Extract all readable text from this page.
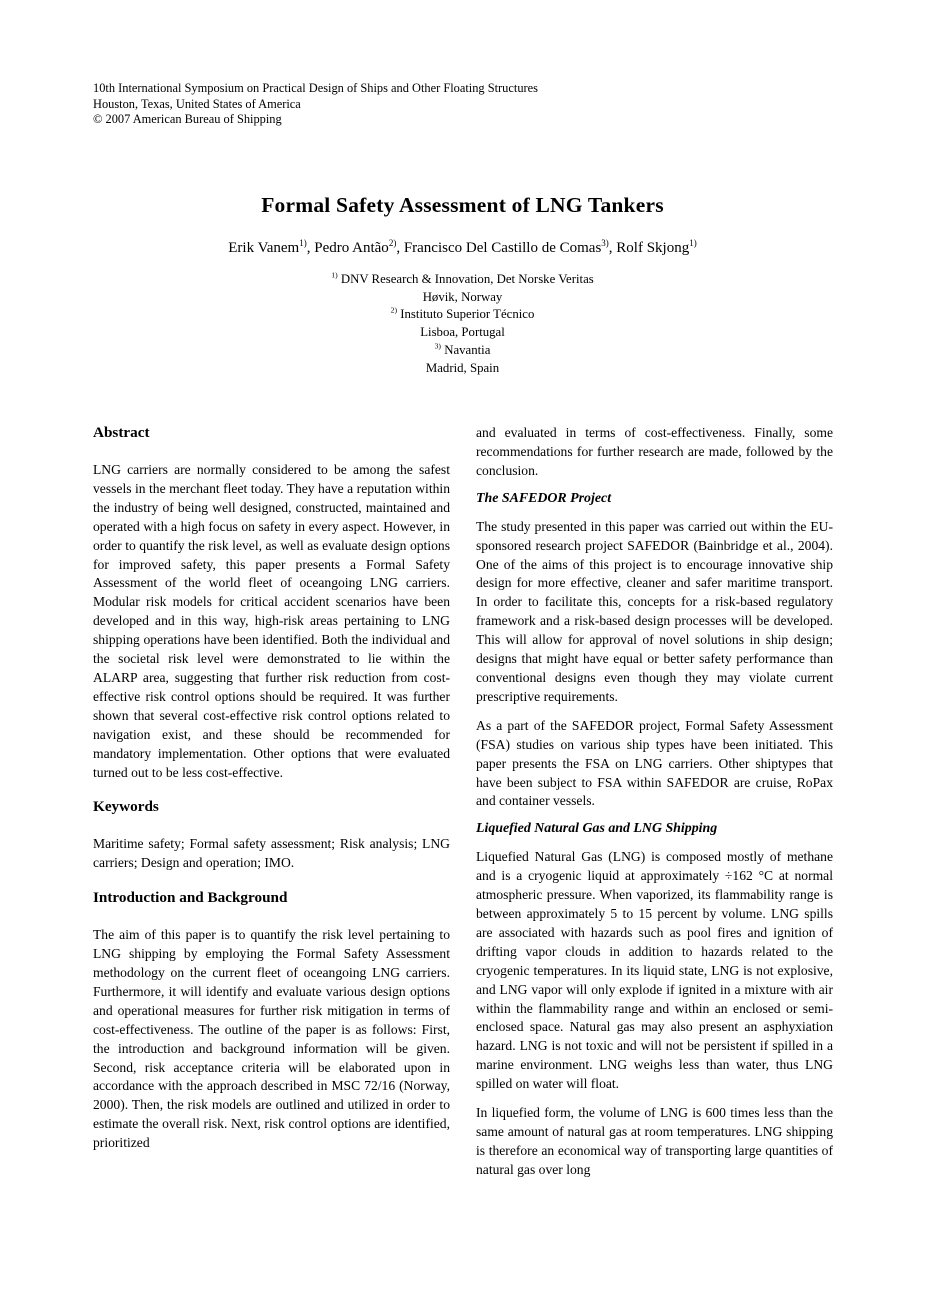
10th International Symposium on Practical Design of Ships and Other Floating Structures
Houston, Texas, United States of America
© 2007 American Bureau of Shipping
Formal Safety Assessment of LNG Tankers
Erik Vanem$^{1)}$, Pedro Antão$^{2)}$, Francisco Del Castillo de Comas$^{3)}$, Rolf Skjong$^{1)}$
$^{1)}$ DNV Research & Innovation, Det Norske Veritas
Høvik, Norway
$^{2)}$ Instituto Superior Técnico
Lisboa, Portugal
$^{3)}$ Navantia
Madrid, Spain
Abstract

LNG carriers are normally considered to be among the safest vessels in the merchant fleet today. They have a reputation within the industry of being well designed, constructed, maintained and operated with a high focus on safety in every aspect. However, in order to quantify the risk level, as well as evaluate design options for improved safety, this paper presents a Formal Safety Assessment of the world fleet of oceangoing LNG carriers. Modular risk models for critical accident scenarios have been developed and in this way, high-risk areas pertaining to LNG shipping operations have been identified. Both the individual and the societal risk level were demonstrated to lie within the ALARP area, suggesting that further risk reduction from cost-effective risk control options should be required. It was further shown that several cost-effective risk control options related to navigation exist, and these should be recommended for mandatory implementation. Other options that were evaluated turned out to be less cost-effective.

Keywords

Maritime safety; Formal safety assessment; Risk analysis; LNG carriers; Design and operation; IMO.

Introduction and Background

The aim of this paper is to quantify the risk level pertaining to LNG shipping by employing the Formal Safety Assessment methodology on the current fleet of oceangoing LNG carriers. Furthermore, it will identify and evaluate various design options and operational measures for further risk mitigation in terms of cost-effectiveness. The outline of the paper is as follows: First, the introduction and background information will be given. Second, risk acceptance criteria will be elaborated upon in accordance with the approach described in MSC 72/16 (Norway, 2000). Then, the risk models are outlined and utilized in order to estimate the overall risk. Next, risk control options are identified, prioritized

and evaluated in terms of cost-effectiveness. Finally, some recommendations for further research are made, followed by the conclusion.

The SAFEDOR Project

The study presented in this paper was carried out within the EU-sponsored research project SAFEDOR (Bainbridge et al., 2004). One of the aims of this project is to encourage innovative ship design for more effective, cleaner and safer maritime transport. In order to facilitate this, concepts for a risk-based regulatory framework and a risk-based design processes will be developed. This will allow for approval of novel solutions in ship design; designs that might have equal or better safety performance than conventional designs even though they may violate current prescriptive requirements.

As a part of the SAFEDOR project, Formal Safety Assessment (FSA) studies on various ship types have been initiated. This paper presents the FSA on LNG carriers. Other shiptypes that have been subject to FSA within SAFEDOR are cruise, RoPax and container vessels.

Liquefied Natural Gas and LNG Shipping

Liquefied Natural Gas (LNG) is composed mostly of methane and is a cryogenic liquid at approximately ÷162 °C at normal atmospheric pressure. When vaporized, its flammability range is between approximately 5 to 15 percent by volume. LNG spills are associated with hazards such as pool fires and ignition of drifting vapor clouds in addition to hazards related to the cryogenic temperatures. In its liquid state, LNG is not explosive, and LNG vapor will only explode if ignited in a mixture with air within the flammability range and within an enclosed or semi-enclosed space. Natural gas may also present an asphyxiation hazard. LNG is not toxic and will not be persistent if spilled in a marine environment. LNG weighs less than water, thus LNG spilled on water will float.

In liquefied form, the volume of LNG is 600 times less than the same amount of natural gas at room temperatures. LNG shipping is therefore an economical way of transporting large quantities of natural gas over long
